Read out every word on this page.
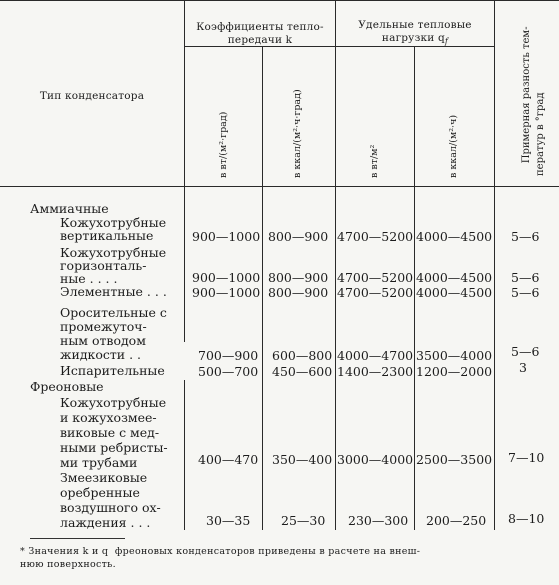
Тип конденсатора

Коэффициенты тепло-
передачи k

Удельные тепловые
нагрузки $q_f$

в вт/(м²·град)	в ккал/(м²·ч·град)	в вт/м²	в ккал/(м²·ч)	Примерная разность тем-
ператур в °град

Аммиачные
Кожухотрубные
вертикальные	900—1000 800—900 4700—5200 4000—4500 5—6
Кожухотрубные
горизонталь-
ные . . . .	900—1000 800—900 4700—5200 4000—4500 5—6
Элементные . . . 900—1000 800—900 4700—5200 4000—4500 5—6
Оросительные с
промежуточ-
ным отводом
жидкости . .	700—900 600—800 4000—4700 3500—4000 5—6
Испарительные	500—700 450—600 1400—2300 1200—2000 3
Фреоновые
Кожухотрубные
и кожухозмее-
виковые с мед-
ными ребристы-
ми трубами	400—470 350—400 3000—4000 2500—3500 7—10
Змеезиковые
оребренные
воздушного ох-
лаждения . . .	30—35 25—30 230—300 200—250 8—10
* Значения k и q  фреоновых конденсаторов приведены в расчете на внеш-
нюю поверхность.
